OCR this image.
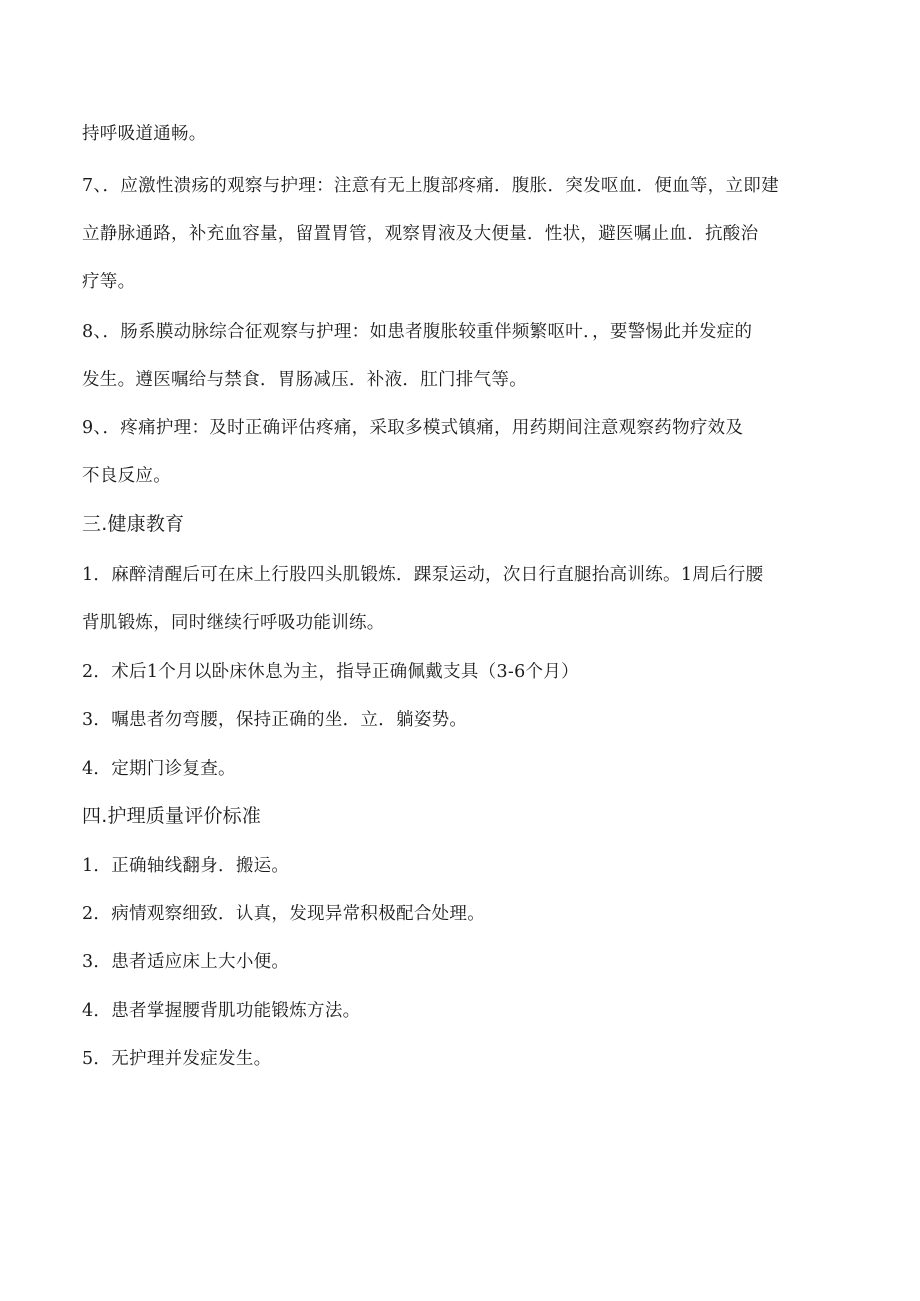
持呼吸道通畅。
7、．应激性溃疡的观察与护理：注意有无上腹部疼痛．腹胀．突发呕血．便血等，立即建
立静脉通路，补充血容量，留置胃管，观察胃液及大便量．性状，避医嘱止血．抗酸治
疗等。
8、．肠系膜动脉综合征观察与护理：如患者腹胀较重伴频繁呕叶．，要警惕此并发症的
发生。遵医嘱给与禁食．胃肠减压．补液．肛门排气等。
9、．疼痛护理：及时正确评估疼痛，采取多模式镇痛，用药期间注意观察药物疗效及
不良反应。
三.健康教育
1．麻醉清醒后可在床上行股四头肌锻炼．踝泵运动，次日行直腿抬高训练。1周后行腰
背肌锻炼，同时继续行呼吸功能训练。
2．术后1个月以卧床休息为主，指导正确佩戴支具（3-6个月）
3．嘱患者勿弯腰，保持正确的坐．立．躺姿势。
4．定期门诊复查。
四.护理质量评价标准
1．正确轴线翻身．搬运。
2．病情观察细致．认真，发现异常积极配合处理。
3．患者适应床上大小便。
4．患者掌握腰背肌功能锻炼方法。
5．无护理并发症发生。
